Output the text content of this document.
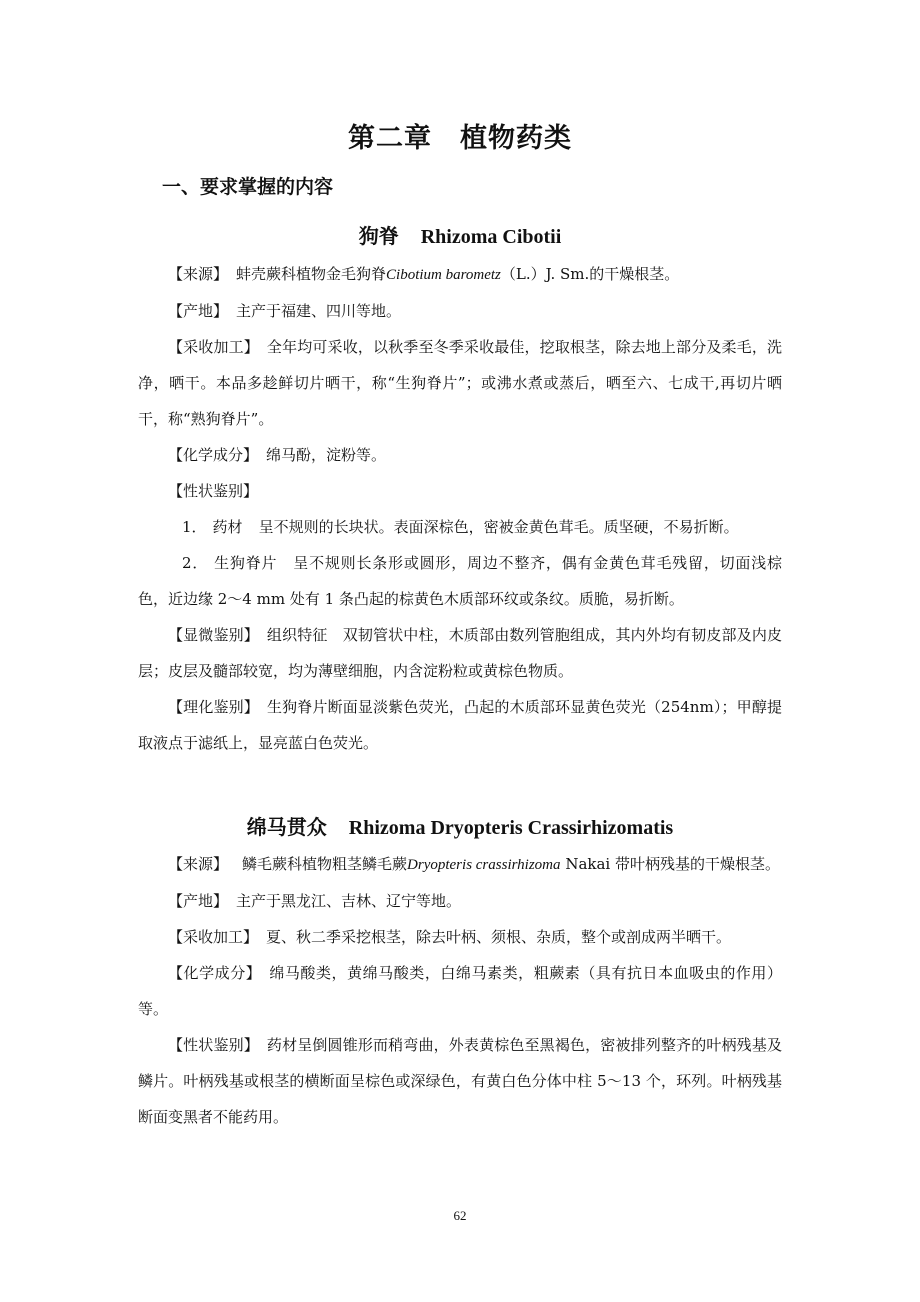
第二章　植物药类
一、要求掌握的内容
狗脊 Rhizoma Cibotii

【来源】 蚌壳蕨科植物金毛狗脊Cibotium barometz（L.）J. Sm.的干燥根茎。

【产地】 主产于福建、四川等地。

【采收加工】 全年均可采收，以秋季至冬季采收最佳，挖取根茎，除去地上部分及柔毛，洗净，晒干。本品多趁鲜切片晒干，称“生狗脊片”；或沸水煮或蒸后，晒至六、七成干,再切片晒干，称“熟狗脊片”。

【化学成分】 绵马酚，淀粉等。

【性状鉴别】

1． 药材 呈不规则的长块状。表面深棕色，密被金黄色茸毛。质坚硬，不易折断。

2． 生狗脊片 呈不规则长条形或圆形，周边不整齐，偶有金黄色茸毛残留，切面浅棕色，近边缘 2～4 mm 处有 1 条凸起的棕黄色木质部环纹或条纹。质脆，易折断。

【显微鉴别】 组织特征　双韧管状中柱，木质部由数列管胞组成，其内外均有韧皮部及内皮层；皮层及髓部较宽，均为薄壁细胞，内含淀粉粒或黄棕色物质。

【理化鉴别】 生狗脊片断面显淡紫色荧光，凸起的木质部环显黄色荧光（254nm）；甲醇提取液点于滤纸上，显亮蓝白色荧光。

绵马贯众 Rhizoma Dryopteris Crassirhizomatis

【来源】 鳞毛蕨科植物粗茎鳞毛蕨Dryopteris crassirhizoma Nakai 带叶柄残基的干燥根茎。

【产地】 主产于黑龙江、吉林、辽宁等地。

【采收加工】 夏、秋二季采挖根茎，除去叶柄、须根、杂质，整个或剖成两半晒干。

【化学成分】 绵马酸类，黄绵马酸类，白绵马素类，粗蕨素（具有抗日本血吸虫的作用）等。

【性状鉴别】 药材呈倒圆锥形而稍弯曲，外表黄棕色至黑褐色，密被排列整齐的叶柄残基及鳞片。叶柄残基或根茎的横断面呈棕色或深绿色，有黄白色分体中柱 5～13 个，环列。叶柄残基断面变黑者不能药用。

62
